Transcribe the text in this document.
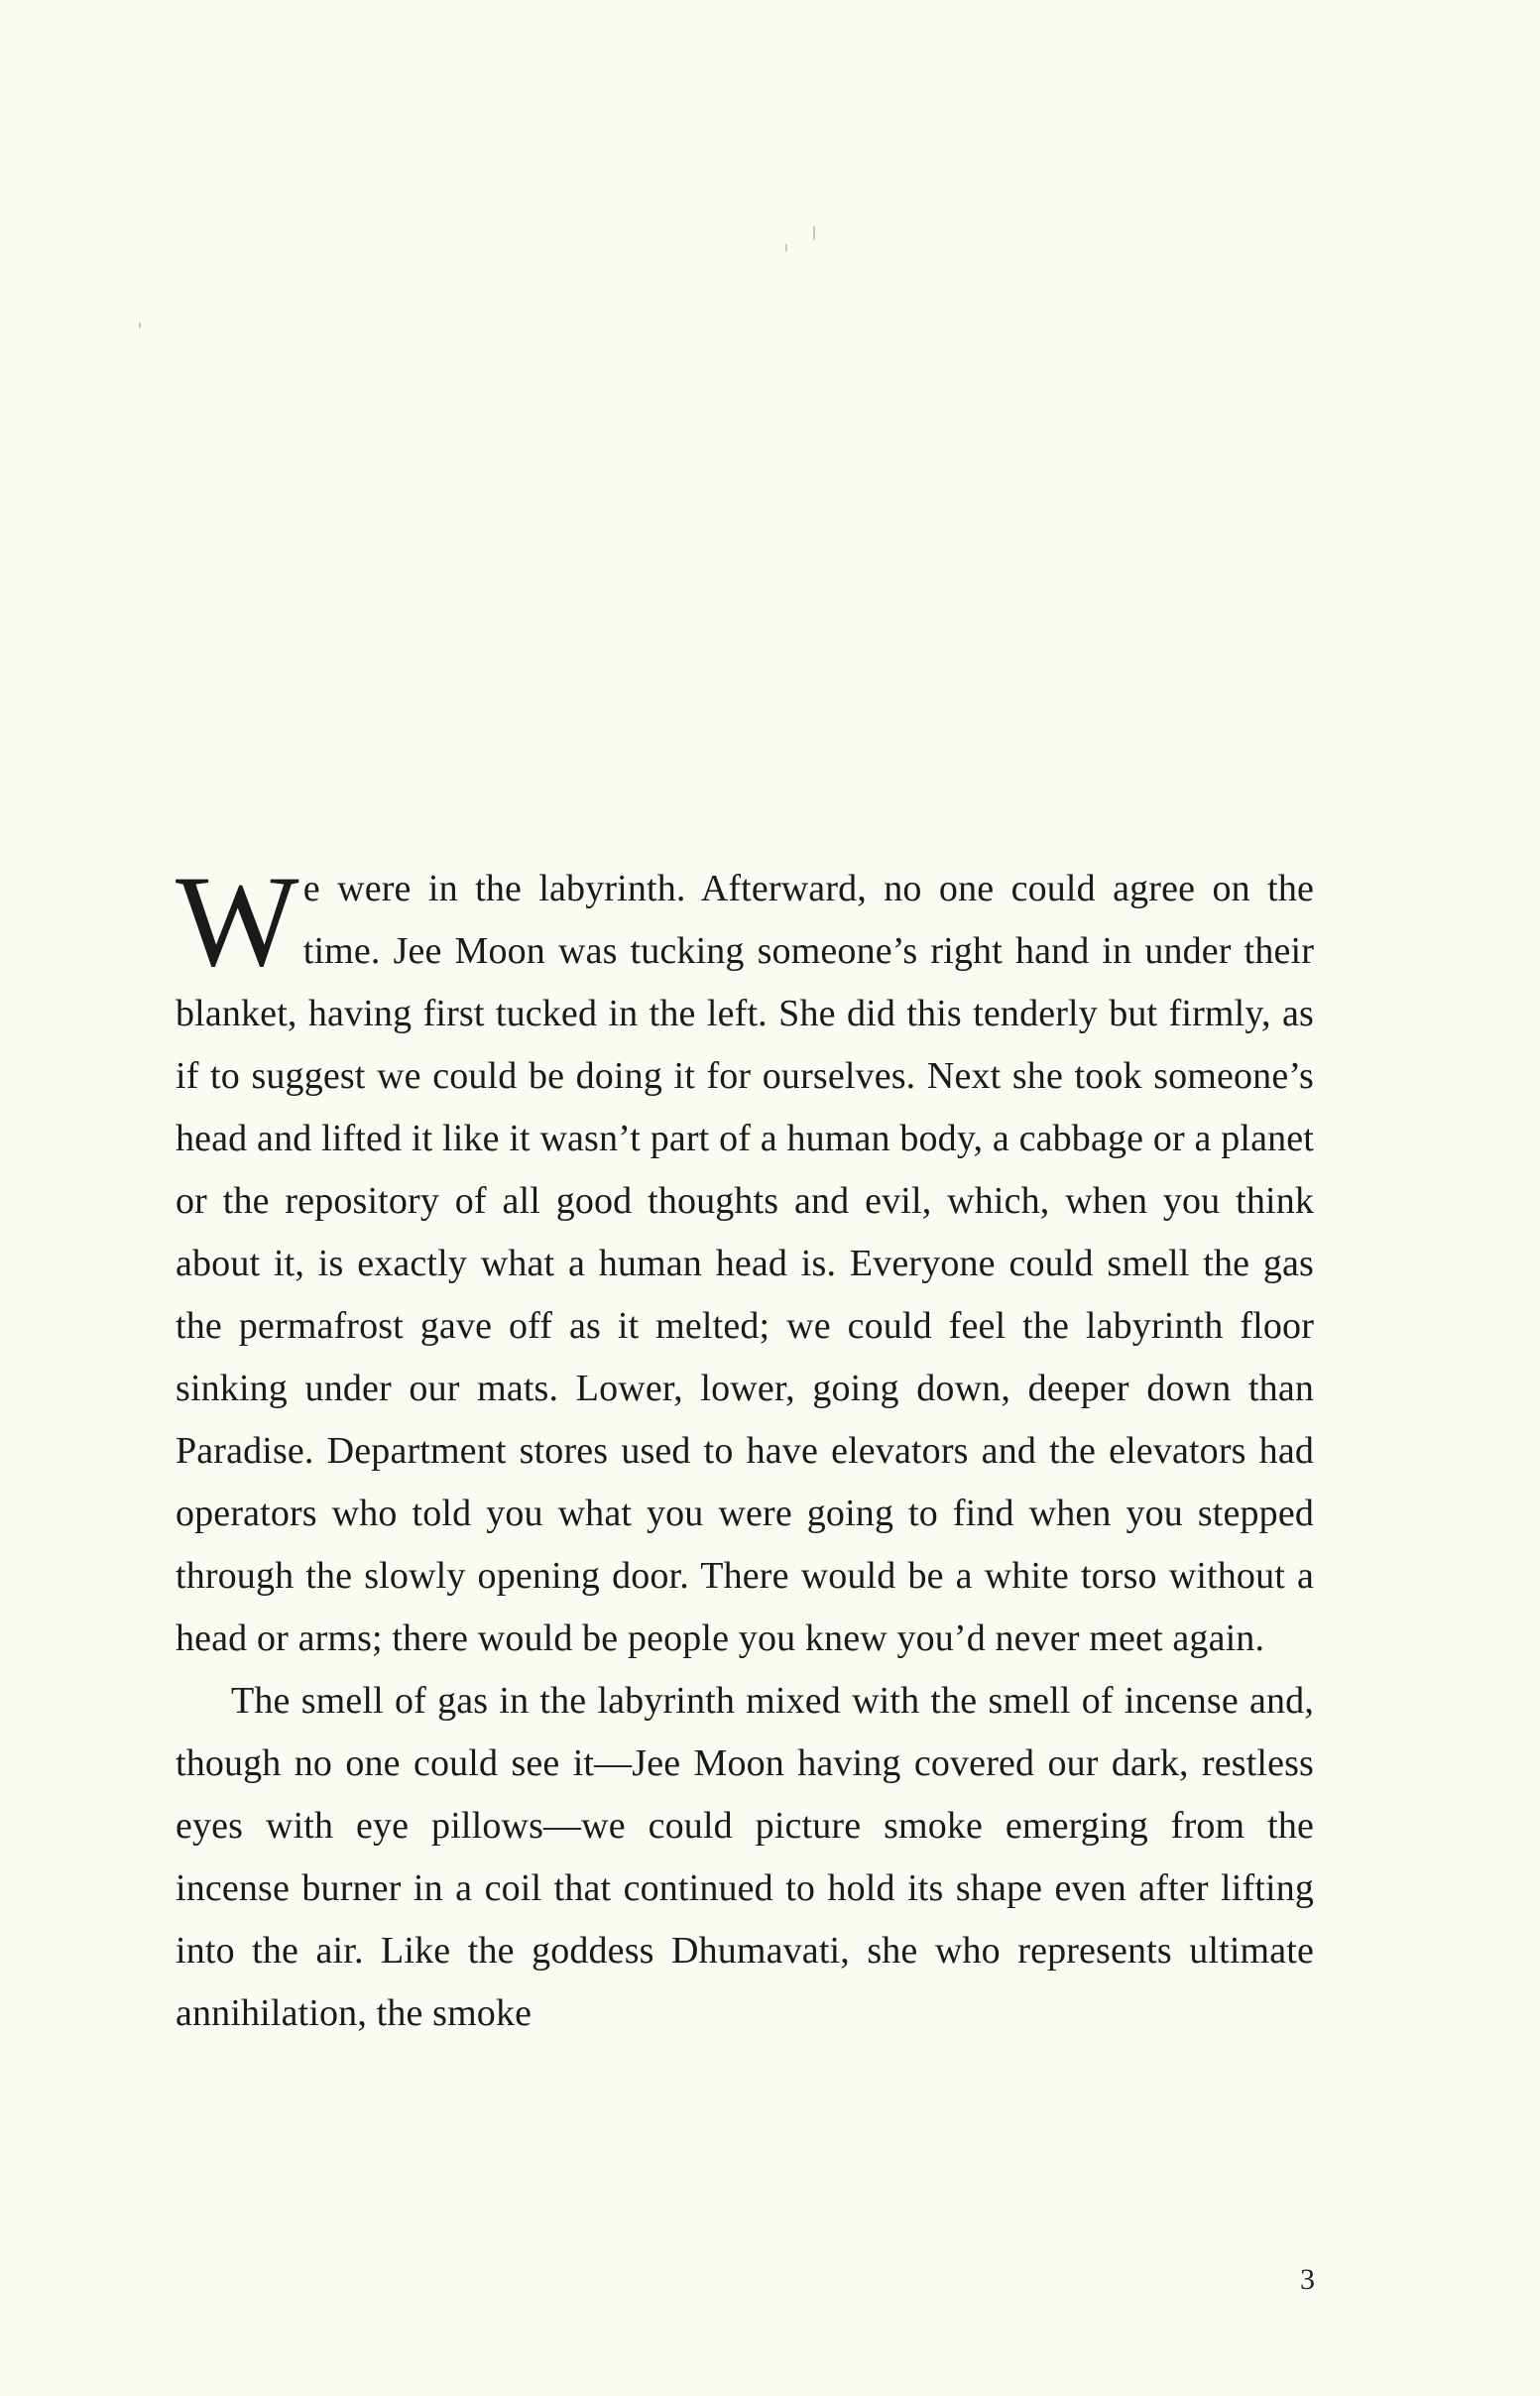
We were in the labyrinth. Afterward, no one could agree on the time. Jee Moon was tucking someone’s right hand in under their blanket, having first tucked in the left. She did this tenderly but firmly, as if to suggest we could be doing it for ourselves. Next she took someone’s head and lifted it like it wasn’t part of a human body, a cabbage or a planet or the repository of all good thoughts and evil, which, when you think about it, is exactly what a human head is. Everyone could smell the gas the permafrost gave off as it melted; we could feel the labyrinth floor sinking under our mats. Lower, lower, going down, deeper down than Paradise. Department stores used to have elevators and the elevators had operators who told you what you were going to find when you stepped through the slowly opening door. There would be a white torso without a head or arms; there would be people you knew you’d never meet again.

The smell of gas in the labyrinth mixed with the smell of incense and, though no one could see it—Jee Moon having covered our dark, restless eyes with eye pillows—we could picture smoke emerging from the incense burner in a coil that continued to hold its shape even after lifting into the air. Like the goddess Dhumavati, she who represents ultimate annihilation, the smoke

3
